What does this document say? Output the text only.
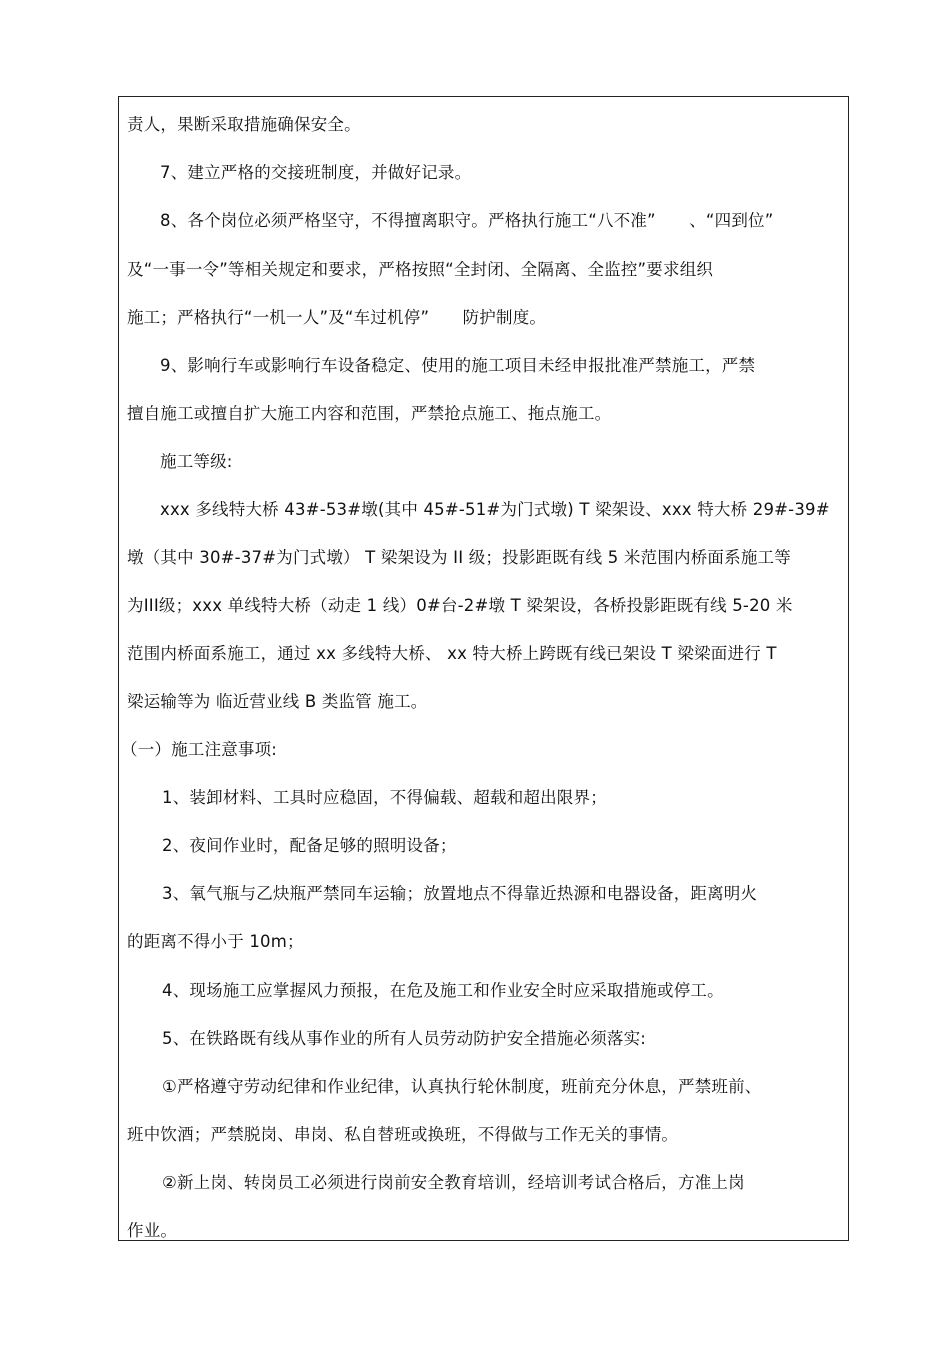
责人，果断采取措施确保安全。
7、建立严格的交接班制度，并做好记录。
8、各个岗位必须严格坚守，不得擅离职守。严格执行施工“八不准”　　、“四到位”
及“一事一令”等相关规定和要求，严格按照“全封闭、全隔离、全监控”要求组织
施工；严格执行“一机一人”及“车过机停”　　防护制度。
9、影响行车或影响行车设备稳定、使用的施工项目未经申报批准严禁施工，严禁
擅自施工或擅自扩大施工内容和范围，严禁抢点施工、拖点施工。
施工等级:
xxx 多线特大桥 43#-53#墩(其中 45#-51#为门式墩) T 梁架设、xxx 特大桥 29#-39#
墩（其中 30#-37#为门式墩） T 梁架设为 II 级；投影距既有线 5 米范围内桥面系施工等
为III级；xxx 单线特大桥（动走 1 线）0#台-2#墩 T 梁架设，各桥投影距既有线 5-20 米
范围内桥面系施工，通过 xx 多线特大桥、 xx 特大桥上跨既有线已架设 T 梁梁面进行 T
梁运输等为 临近营业线 B 类监管 施工。
（一）施工注意事项:
1、装卸材料、工具时应稳固，不得偏载、超载和超出限界；
2、夜间作业时，配备足够的照明设备；
3、氧气瓶与乙炔瓶严禁同车运输；放置地点不得靠近热源和电器设备，距离明火
的距离不得小于 10m；
4、现场施工应掌握风力预报，在危及施工和作业安全时应采取措施或停工。
5、在铁路既有线从事作业的所有人员劳动防护安全措施必须落实:
①严格遵守劳动纪律和作业纪律，认真执行轮休制度，班前充分休息，严禁班前、
班中饮酒；严禁脱岗、串岗、私自替班或换班，不得做与工作无关的事情。
②新上岗、转岗员工必须进行岗前安全教育培训，经培训考试合格后，方准上岗
作业。
